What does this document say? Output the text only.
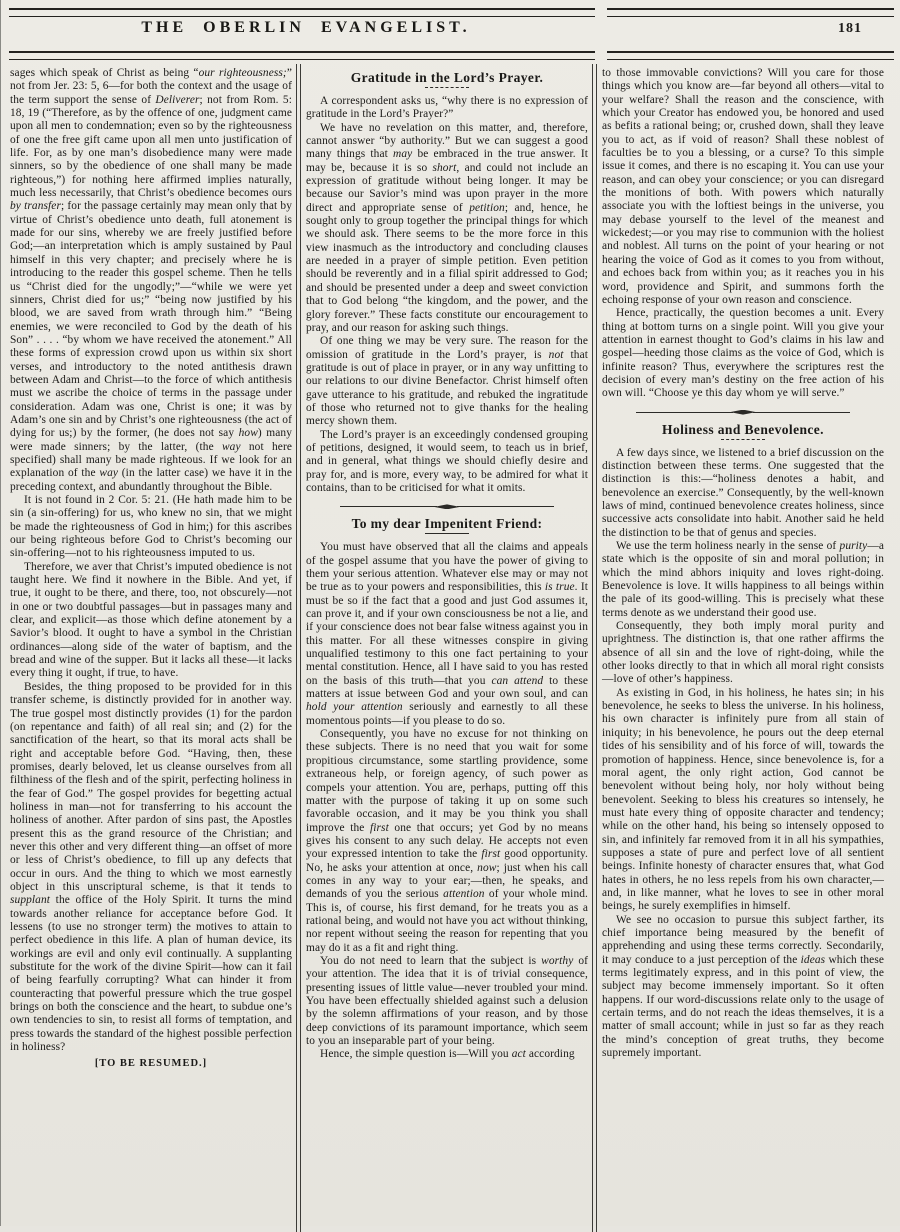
THE OBERLIN EVANGELIST.	181

sages which speak of Christ as being “our righteousness;” not from Jer. 23: 5, 6—for both the context and the usage of the term support the sense of Deliverer; not from Rom. 5: 18, 19 (“Therefore, as by the offence of one, judgment came upon all men to condemnation; even so by the righteousness of one the free gift came upon all men unto justification of life. For, as by one man’s disobedience many were made sinners, so by the obedience of one shall many be made righteous,”) for nothing here affirmed implies naturally, much less necessarily, that Christ’s obedience becomes ours by transfer; for the passage certainly may mean only that by virtue of Christ’s obedience unto death, full atonement is made for our sins, whereby we are freely justified before God;—an interpretation which is amply sustained by Paul himself in this very chapter; and precisely where he is introducing to the reader this gospel scheme. Then he tells us “Christ died for the ungodly;”—“while we were yet sinners, Christ died for us;” “being now justified by his blood, we are saved from wrath through him.” “Being enemies, we were reconciled to God by the death of his Son” . . . . “by whom we have received the atonement.” All these forms of expression crowd upon us within six short verses, and introductory to the noted antithesis drawn between Adam and Christ—to the force of which antithesis must we ascribe the choice of terms in the passage under consideration. Adam was one, Christ is one; it was by Adam’s one sin and by Christ’s one righteousness (the act of dying for us;) by the former, (he does not say how) many were made sinners; by the latter, (the way not here specified) shall many be made righteous. If we look for an explanation of the way (in the latter case) we have it in the preceding context, and abundantly throughout the Bible.

It is not found in 2 Cor. 5: 21. (He hath made him to be sin (a sin-offering) for us, who knew no sin, that we might be made the righteousness of God in him;) for this ascribes our being righteous before God to Christ’s becoming our sin-offering—not to his righteousness imputed to us.

Therefore, we aver that Christ’s imputed obedience is not taught here. We find it nowhere in the Bible. And yet, if true, it ought to be there, and there, too, not obscurely—not in one or two doubtful passages—but in passages many and clear, and explicit—as those which define atonement by a Savior’s blood. It ought to have a symbol in the Christian ordinances—along side of the water of baptism, and the bread and wine of the supper. But it lacks all these—it lacks every thing it ought, if true, to have.

Besides, the thing proposed to be provided for in this transfer scheme, is distinctly provided for in another way. The true gospel most distinctly provides (1) for the pardon (on repentance and faith) of all real sin; and (2) for the sanctification of the heart, so that its moral acts shall be right and acceptable before God. “Having, then, these promises, dearly beloved, let us cleanse ourselves from all filthiness of the flesh and of the spirit, perfecting holiness in the fear of God.” The gospel provides for begetting actual holiness in man—not for transferring to his account the holiness of another. After pardon of sins past, the Apostles present this as the grand resource of the Christian; and never this other and very different thing—an offset of more or less of Christ’s obedience, to fill up any defects that occur in ours. And the thing to which we most earnestly object in this unscriptural scheme, is that it tends to supplant the office of the Holy Spirit. It turns the mind towards another reliance for acceptance before God. It lessens (to use no stronger term) the motives to attain to perfect obedience in this life. A plan of human device, its workings are evil and only evil continually. A supplanting substitute for the work of the divine Spirit—how can it fail of being fearfully corrupting? What can hinder it from counteracting that powerful pressure which the true gospel brings on both the conscience and the heart, to subdue one’s own tendencies to sin, to resist all forms of temptation, and press towards the standard of the highest possible perfection in holiness?

[TO BE RESUMED.]
Gratitude in the Lord’s Prayer.

A correspondent asks us, “why there is no expression of gratitude in the Lord’s Prayer?”

We have no revelation on this matter, and, therefore, cannot answer “by authority.” But we can suggest a good many things that may be embraced in the true answer. It may be, because it is so short, and could not include an expression of gratitude without being longer. It may be because our Savior’s mind was upon prayer in the more direct and appropriate sense of petition; and, hence, he sought only to group together the principal things for which we should ask. There seems to be the more force in this view inasmuch as the introductory and concluding clauses are needed in a prayer of simple petition. Even petition should be reverently and in a filial spirit addressed to God; and should be presented under a deep and sweet conviction that to God belong “the kingdom, and the power, and the glory forever.” These facts constitute our encouragement to pray, and our reason for asking such things.

Of one thing we may be very sure. The reason for the omission of gratitude in the Lord’s prayer, is not that gratitude is out of place in prayer, or in any way unfitting to our relations to our divine Benefactor. Christ himself often gave utterance to his gratitude, and rebuked the ingratitude of those who returned not to give thanks for the healing mercy shown them.

The Lord’s prayer is an exceedingly condensed grouping of petitions, designed, it would seem, to teach us in brief, and in general, what things we should chiefly desire and pray for, and is more, every way, to be admired for what it contains, than to be criticised for what it omits.

To my dear Impenitent Friend:

You must have observed that all the claims and appeals of the gospel assume that you have the power of giving to them your serious attention. Whatever else may or may not be true as to your powers and responsibilities, this is true. It must be so if the fact that a good and just God assumes it, can prove it, and if your own consciousness be not a lie, and if your conscience does not bear false witness against you in this matter. For all these witnesses conspire in giving unqualified testimony to this one fact pertaining to your mental constitution. Hence, all I have said to you has rested on the basis of this truth—that you can attend to these matters at issue between God and your own soul, and can hold your attention seriously and earnestly to all these momentous points—if you please to do so.

Consequently, you have no excuse for not thinking on these subjects. There is no need that you wait for some propitious circumstance, some startling providence, some extraneous help, or foreign agency, of such power as compels your attention. You are, perhaps, putting off this matter with the purpose of taking it up on some such favorable occasion, and it may be you think you shall improve the first one that occurs; yet God by no means gives his consent to any such delay. He accepts not even your expressed intention to take the first good opportunity. No, he asks your attention at once, now; just when his call comes in any way to your ear;—then, he speaks, and demands of you the serious attention of your whole mind. This is, of course, his first demand, for he treats you as a rational being, and would not have you act without thinking, nor repent without seeing the reason for repenting that you may do it as a fit and right thing.

You do not need to learn that the subject is worthy of your attention. The idea that it is of trivial consequence, presenting issues of little value—never troubled your mind. You have been effectually shielded against such a delusion by the solemn affirmations of your reason, and by those deep convictions of its paramount importance, which seem to you an inseparable part of your being.

Hence, the simple question is—Will you act according

to those immovable convictions? Will you care for those things which you know are—far beyond all others—vital to your welfare? Shall the reason and the conscience, with which your Creator has endowed you, be honored and used as befits a rational being; or, crushed down, shall they leave you to act, as if void of reason? Shall these noblest of faculties be to you a blessing, or a curse? To this simple issue it comes, and there is no escaping it. You can use your reason, and can obey your conscience; or you can disregard the monitions of both. With powers which naturally associate you with the loftiest beings in the universe, you may debase yourself to the level of the meanest and wickedest;—or you may rise to communion with the holiest and noblest. All turns on the point of your hearing or not hearing the voice of God as it comes to you from without, and echoes back from within you; as it reaches you in his word, providence and Spirit, and summons forth the echoing response of your own reason and conscience.

Hence, practically, the question becomes a unit. Every thing at bottom turns on a single point. Will you give your attention in earnest thought to God’s claims in his law and gospel—heeding those claims as the voice of God, which is infinite reason? Thus, everywhere the scriptures rest the decision of every man’s destiny on the free action of his own will. “Choose ye this day whom ye will serve.”

Holiness and Benevolence.

A few days since, we listened to a brief discussion on the distinction between these terms. One suggested that the distinction is this:—“holiness denotes a habit, and benevolence an exercise.” Consequently, by the well-known laws of mind, continued benevolence creates holiness, since successive acts consolidate into habit. Another said he held the distinction to be that of genus and species.

We use the term holiness nearly in the sense of purity—a state which is the opposite of sin and moral pollution; in which the mind abhors iniquity and loves right-doing. Benevolence is love. It wills happiness to all beings within the pale of its good-willing. This is precisely what these terms denote as we understand their good use.

Consequently, they both imply moral purity and uprightness. The distinction is, that one rather affirms the absence of all sin and the love of right-doing, while the other looks directly to that in which all moral right consists—love of other’s happiness.

As existing in God, in his holiness, he hates sin; in his benevolence, he seeks to bless the universe. In his holiness, his own character is infinitely pure from all stain of iniquity; in his benevolence, he pours out the deep eternal tides of his sensibility and of his force of will, towards the promotion of happiness. Hence, since benevolence is, for a moral agent, the only right action, God cannot be benevolent without being holy, nor holy without being benevolent. Seeking to bless his creatures so intensely, he must hate every thing of opposite character and tendency; while on the other hand, his being so intensely opposed to sin, and infinitely far removed from it in all his sympathies, supposes a state of pure and perfect love of all sentient beings. Infinite honesty of character ensures that, what God hates in others, he no less repels from his own character,—and, in like manner, what he loves to see in other moral beings, he surely exemplifies in himself.

We see no occasion to pursue this subject farther, its chief importance being measured by the benefit of apprehending and using these terms correctly. Secondarily, it may conduce to a just perception of the ideas which these terms legitimately express, and in this point of view, the subject may become immensely important. So it often happens. If our word-discussions relate only to the usage of certain terms, and do not reach the ideas themselves, it is a matter of small account; while in just so far as they reach the mind’s conception of great truths, they become supremely important.
